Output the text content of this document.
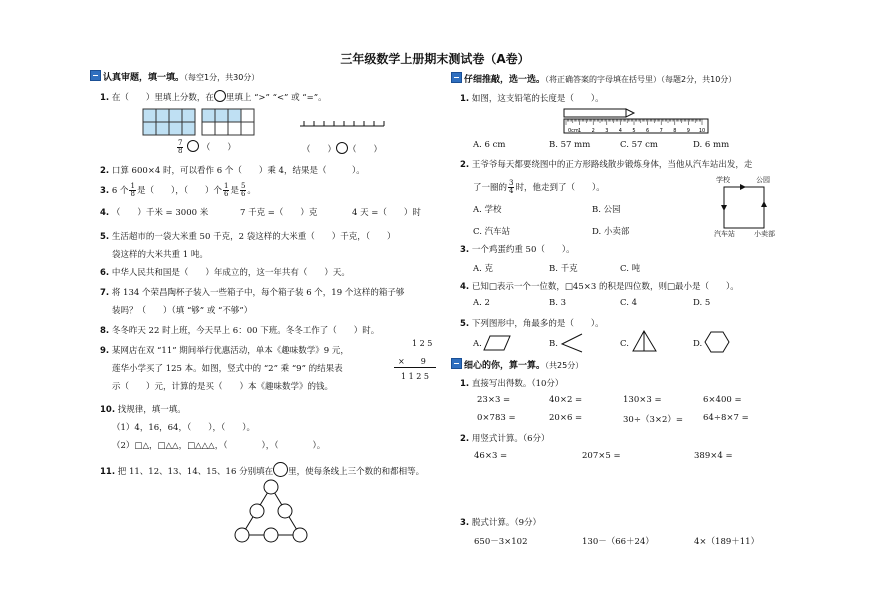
三年级数学上册期末测试卷（A卷）
认真审题，填一填。（每空1分，共30分）
1. 在（　　）里填上分数，在 里填上 “>” “<” 或 “=”。
$\frac{7}{8}$ （　　）	（　　） （　　）
2. 口算 600×4 时，可以看作 6 个（　　）乘 4，结果是（　　　）。
3. 6 个 $\frac{1}{8}$ 是（　　），（　　）个 $\frac{1}{6}$ 是 $\frac{5}{6}$ 。
4. （　　）千米 = 3000 米	7 千克 =（　　）克	4 天 =（　　）时
5. 生活超市的一袋大米重 50 千克，2 袋这样的大米重（　　）千克，（　　）
袋这样的大米共重 1 吨。
6. 中华人民共和国是（　　）年成立的，这一年共有（　　）天。
7. 将 134 个荣昌陶杯子装入一些箱子中，每个箱子装 6 个，19 个这样的箱子够
装吗？（　　）（填 “够” 或 “不够”）
8. 冬冬昨天 22 时上班，今天早上 6：00 下班。冬冬工作了（　　）时。
9. 某网店在双 “11” 期间举行优惠活动，单本《趣味数学》9 元，
莲华小学买了 125 本。如图，竖式中的 “2” 乘 “9” 的结果表
示（　　）元，计算的是买（　　）本《趣味数学》的钱。
1 2 5
×　　9
1 1 2 5
10. 找规律，填一填。
（1）4，16，64，（　　），（　　）。
（2）□△，□△△，□△△△，（　　　　），（　　　　）。
11. 把 11、12、13、14、15、16 分别填在 里，使每条线上三个数的和都相等。
仔细推敲，选一选。（将正确答案的字母填在括号里）（每题2分，共10分）
1. 如图，这支铅笔的长度是（　　）。
0cm 1 2 3 4 5 6 7 8 9 10
A. 6 cm	B. 57 mm	C. 57 cm	D. 6 mm
2. 王爷爷每天都要绕图中的正方形路线散步锻炼身体，当他从汽车站出发，走
了一圈的 $\frac{3}{4}$ 时，他走到了（　　）。
A. 学校	B. 公园
C. 汽车站	D. 小卖部
学校	公园
汽车站	小卖部
3. 一个鸡蛋约重 50（　　）。
A. 克	B. 千克	C. 吨
4. 已知□表示一个一位数，□45×3 的积是四位数，则□最小是（　　）。
A. 2	B. 3	C. 4	D. 5
5. 下列图形中，角最多的是（　　）。
A.	B.	C.	D.
细心的你，算一算。（共25分）
1. 直接写出得数。（10分）
23×3 =	40×2 =	130×3 =	6×400 =
0×783 =	20×6 =	30÷（3×2）= 64÷8×7 =
2. 用竖式计算。（6分）
46×3 =	207×5 =	389×4 =
3. 脱式计算。（9分）
650－3×102	130－（66＋24）	4×（189＋11）
